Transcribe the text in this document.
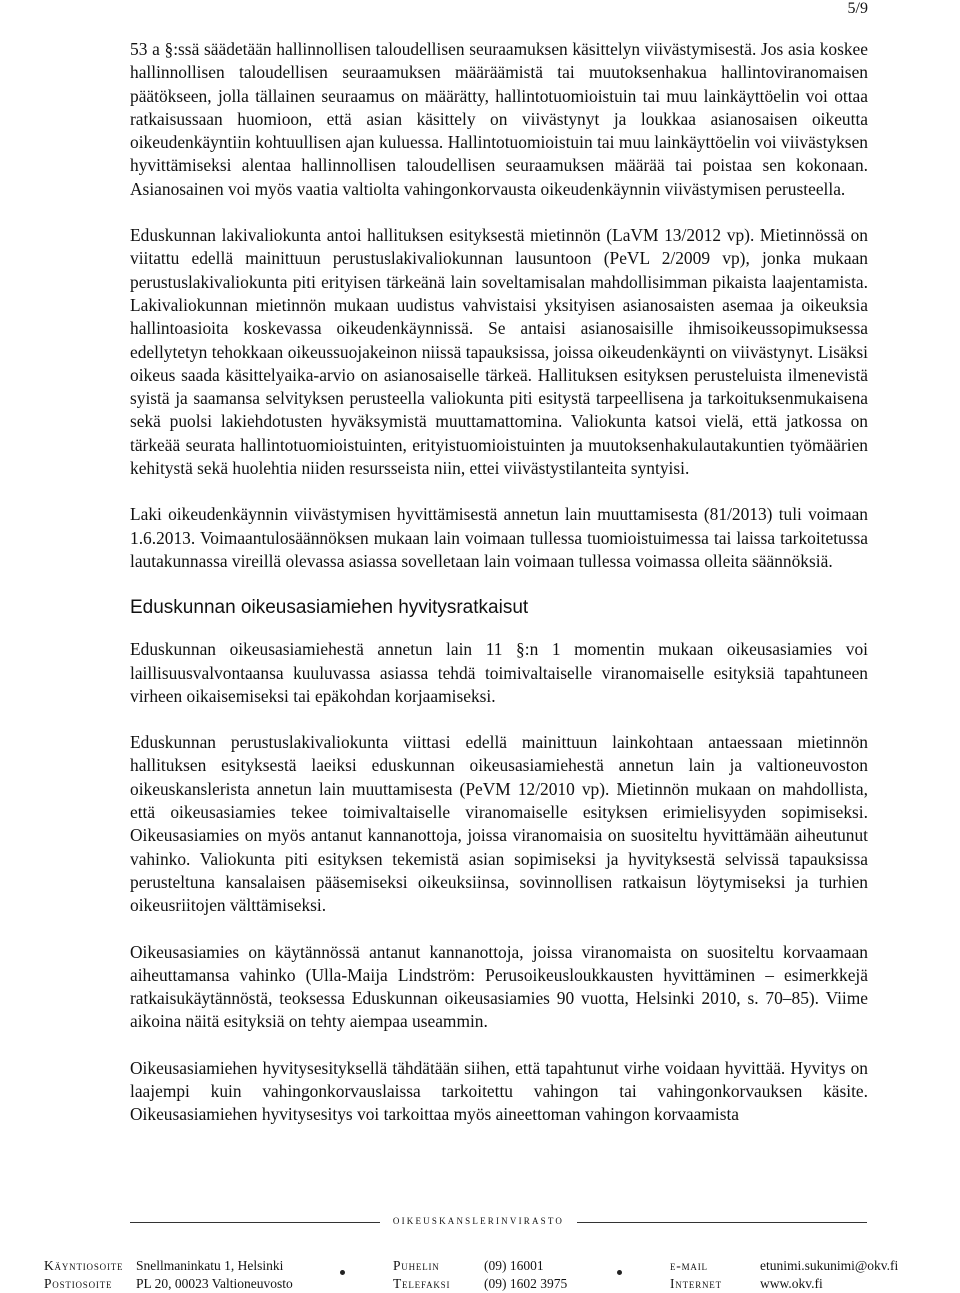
5/9

53 a §:ssä säädetään hallinnollisen taloudellisen seuraamuksen käsittelyn viivästymisestä. Jos asia koskee hallinnollisen taloudellisen seuraamuksen määräämistä tai muutoksenhakua hallintoviranomaisen päätökseen, jolla tällainen seuraamus on määrätty, hallintotuomioistuin tai muu lainkäyttöelin voi ottaa ratkaisussaan huomioon, että asian käsittely on viivästynyt ja loukkaa asianosaisen oikeutta oikeudenkäyntiin kohtuullisen ajan kuluessa. Hallintotuomioistuin tai muu lainkäyttöelin voi viivästyksen hyvittämiseksi alentaa hallinnollisen taloudellisen seuraamuksen määrää tai poistaa sen kokonaan. Asianosainen voi myös vaatia valtiolta vahingonkorvausta oikeudenkäynnin viivästymisen perusteella.

Eduskunnan lakivaliokunta antoi hallituksen esityksestä mietinnön (LaVM 13/2012 vp). Mietinnössä on viitattu edellä mainittuun perustuslakivaliokunnan lausuntoon (PeVL 2/2009 vp), jonka mukaan perustuslakivaliokunta piti erityisen tärkeänä lain soveltamisalan mahdollisimman pikaista laajentamista. Lakivaliokunnan mietinnön mukaan uudistus vahvistaisi yksityisen asianosaisten asemaa ja oikeuksia hallintoasioita koskevassa oikeudenkäynnissä. Se antaisi asianosaisille ihmisoikeussopimuksessa edellytetyn tehokkaan oikeussuojakeinon niissä tapauksissa, joissa oikeudenkäynti on viivästynyt. Lisäksi oikeus saada käsittelyaika-arvio on asianosaiselle tärkeä. Hallituksen esityksen perusteluista ilmenevistä syistä ja saamansa selvityksen perusteella valiokunta piti esitystä tarpeellisena ja tarkoituksenmukaisena sekä puolsi lakiehdotusten hyväksymistä muuttamattomina. Valiokunta katsoi vielä, että jatkossa on tärkeää seurata hallintotuomioistuinten, erityistuomioistuinten ja muutoksenhakulautakuntien työmäärien kehitystä sekä huolehtia niiden resursseista niin, ettei viivästystilanteita syntyisi.

Laki oikeudenkäynnin viivästymisen hyvittämisestä annetun lain muuttamisesta (81/2013) tuli voimaan 1.6.2013. Voimaantulosäännöksen mukaan lain voimaan tullessa tuomioistuimessa tai laissa tarkoitetussa lautakunnassa vireillä olevassa asiassa sovelletaan lain voimaan tullessa voimassa olleita säännöksiä.

Eduskunnan oikeusasiamiehen hyvitysratkaisut

Eduskunnan oikeusasiamiehestä annetun lain 11 §:n 1 momentin mukaan oikeusasiamies voi laillisuusvalvontaansa kuuluvassa asiassa tehdä toimivaltaiselle viranomaiselle esityksiä tapahtuneen virheen oikaisemiseksi tai epäkohdan korjaamiseksi.

Eduskunnan perustuslakivaliokunta viittasi edellä mainittuun lainkohtaan antaessaan mietinnön hallituksen esityksestä laeiksi eduskunnan oikeusasiamiehestä annetun lain ja valtioneuvoston oikeuskanslerista annetun lain muuttamisesta (PeVM 12/2010 vp). Mietinnön mukaan on mahdollista, että oikeusasiamies tekee toimivaltaiselle viranomaiselle esityksen erimielisyyden sopimiseksi. Oikeusasiamies on myös antanut kannanottoja, joissa viranomaisia on suositeltu hyvittämään aiheutunut vahinko. Valiokunta piti esityksen tekemistä asian sopimiseksi ja hyvityksestä selvissä tapauksissa perusteltuna kansalaisen pääsemiseksi oikeuksiinsa, sovinnollisen ratkaisun löytymiseksi ja turhien oikeusriitojen välttämiseksi.

Oikeusasiamies on käytännössä antanut kannanottoja, joissa viranomaista on suositeltu korvaamaan aiheuttamansa vahinko (Ulla-Maija Lindström: Perusoikeusloukkausten hyvittäminen – esimerkkejä ratkaisukäytännöstä, teoksessa Eduskunnan oikeusasiamies 90 vuotta, Helsinki 2010, s. 70–85). Viime aikoina näitä esityksiä on tehty aiempaa useammin.

Oikeusasiamiehen hyvitysesityksellä tähdätään siihen, että tapahtunut virhe voidaan hyvittää. Hyvitys on laajempi kuin vahingonkorvauslaissa tarkoitettu vahingon tai vahingonkorvauksen käsite. Oikeusasiamiehen hyvitysesitys voi tarkoittaa myös aineettoman vahingon korvaamista

oikeuskanslerinvirasto
Käyntiosoite
Postiosoite
Snellmaninkatu 1, Helsinki
PL 20, 00023 Valtioneuvosto
Puhelin
Telefaksi
(09) 16001
(09) 1602 3975
e-mail
Internet
etunimi.sukunimi@okv.fi
www.okv.fi
